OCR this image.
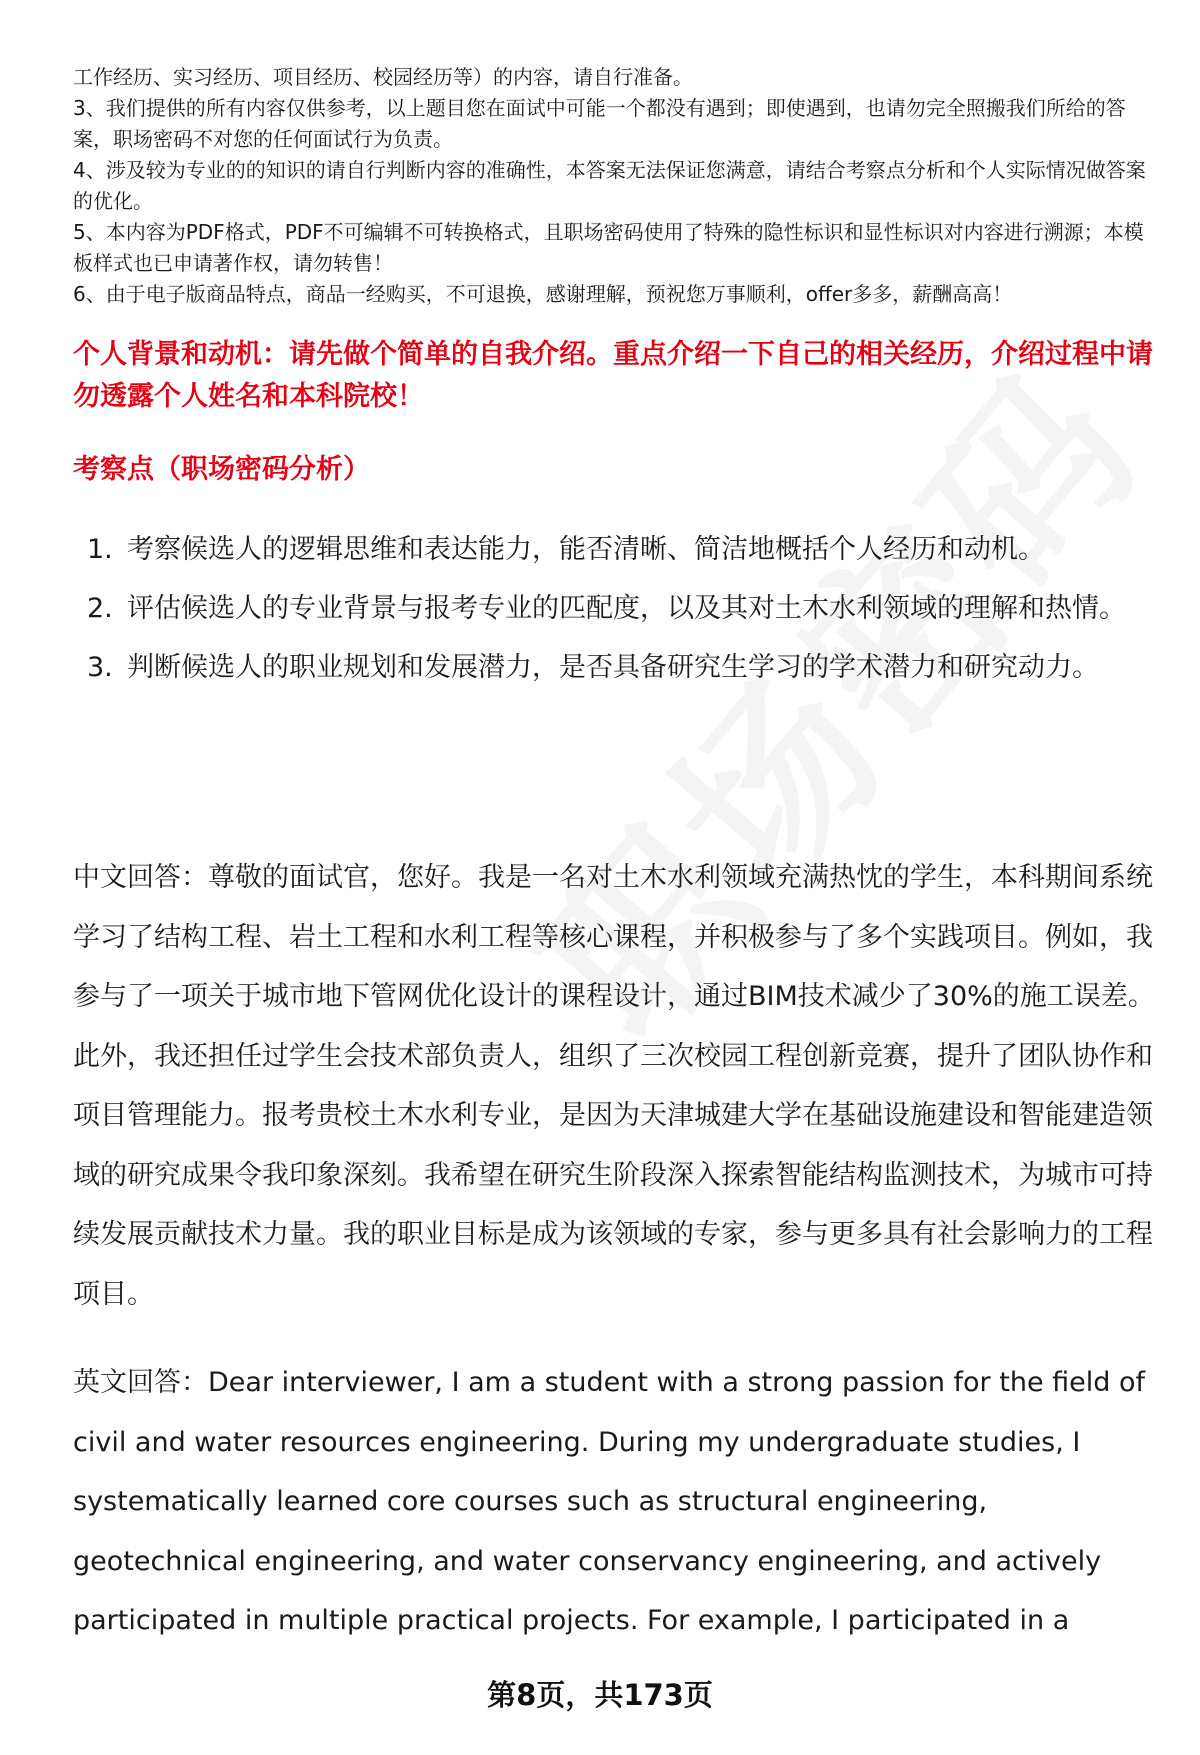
工作经历、实习经历、项目经历、校园经历等）的内容，请自行准备。

3、我们提供的所有内容仅供参考，以上题目您在面试中可能一个都没有遇到；即使遇到，也请勿完全照搬我们所给的答案，职场密码不对您的任何面试行为负责。

4、涉及较为专业的的知识的请自行判断内容的准确性，本答案无法保证您满意，请结合考察点分析和个人实际情况做答案的优化。

5、本内容为PDF格式，PDF不可编辑不可转换格式，且职场密码使用了特殊的隐性标识和显性标识对内容进行溯源；本模板样式也已申请著作权，请勿转售！

6、由于电子版商品特点，商品一经购买，不可退换，感谢理解，预祝您万事顺利，offer多多，薪酬高高！

个人背景和动机：请先做个简单的自我介绍。重点介绍一下自己的相关经历，介绍过程中请勿透露个人姓名和本科院校！

考察点（职场密码分析）

1. 考察候选人的逻辑思维和表达能力，能否清晰、简洁地概括个人经历和动机。
2. 评估候选人的专业背景与报考专业的匹配度，以及其对土木水利领域的理解和热情。
3. 判断候选人的职业规划和发展潜力，是否具备研究生学习的学术潜力和研究动力。

中文回答：尊敬的面试官，您好。我是一名对土木水利领域充满热忱的学生，本科期间系统学习了结构工程、岩土工程和水利工程等核心课程，并积极参与了多个实践项目。例如，我参与了一项关于城市地下管网优化设计的课程设计，通过BIM技术减少了30%的施工误差。此外，我还担任过学生会技术部负责人，组织了三次校园工程创新竞赛，提升了团队协作和项目管理能力。报考贵校土木水利专业，是因为天津城建大学在基础设施建设和智能建造领域的研究成果令我印象深刻。我希望在研究生阶段深入探索智能结构监测技术，为城市可持续发展贡献技术力量。我的职业目标是成为该领域的专家，参与更多具有社会影响力的工程项目。

英文回答：Dear interviewer, I am a student with a strong passion for the field of civil and water resources engineering. During my undergraduate studies, I systematically learned core courses such as structural engineering, geotechnical engineering, and water conservancy engineering, and actively participated in multiple practical projects. For example, I participated in a

第8页，共173页
